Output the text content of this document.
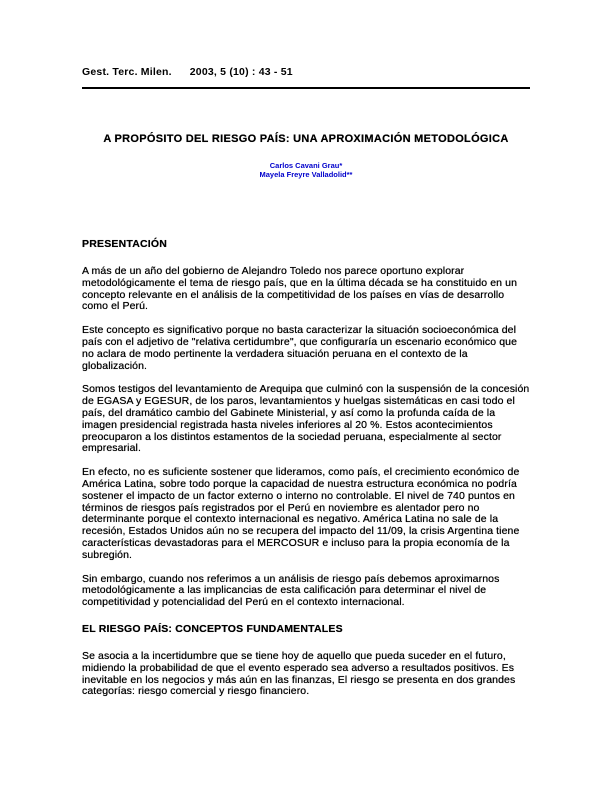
Gest. Terc. Milen. 2003, 5 (10) : 43 - 51
A PROPÓSITO DEL RIESGO PAÍS: UNA APROXIMACIÓN METODOLÓGICA
Carlos Cavani Grau*
Mayela Freyre Valladolid**
PRESENTACIÓN

A más de un año del gobierno de Alejandro Toledo nos parece oportuno explorar metodológicamente el tema de riesgo país, que en la última década se ha constituido en un concepto relevante en el análisis de la competitividad de los países en vías de desarrollo como el Perú.

Este concepto es significativo porque no basta caracterizar la situación socioeconómica del país con el adjetivo de "relativa certidumbre", que configuraría un escenario económico que no aclara de modo pertinente la verdadera situación peruana en el contexto de la globalización.

Somos testigos del levantamiento de Arequipa que culminó con la suspensión de la concesión de EGASA y EGESUR, de los paros, levantamientos y huelgas sistemáticas en casi todo el país, del dramático cambio del Gabinete Ministerial, y así como la profunda caída de la imagen presidencial registrada hasta niveles inferiores al 20 %. Estos acontecimientos preocuparon a los distintos estamentos de la sociedad peruana, especialmente al sector empresarial.

En efecto, no es suficiente sostener que lideramos, como país, el crecimiento económico de América Latina, sobre todo porque la capacidad de nuestra estructura económica no podría sostener el impacto de un factor externo o interno no controlable. El nivel de 740 puntos en términos de riesgos país registrados por el Perú en noviembre es alentador pero no determinante porque el contexto internacional es negativo. América Latina no sale de la recesión, Estados Unidos aún no se recupera del impacto del 11/09, la crisis Argentina tiene características devastadoras para el MERCOSUR e incluso para la propia economía de la subregión.

Sin embargo, cuando nos referimos a un análisis de riesgo país debemos aproximarnos metodológicamente a las implicancias de esta calificación para determinar el nivel de competitividad y potencialidad del Perú en el contexto internacional.

EL RIESGO PAÍS: CONCEPTOS FUNDAMENTALES

Se asocia a la incertidumbre que se tiene hoy de aquello que pueda suceder en el futuro, midiendo la probabilidad de que el evento esperado sea adverso a resultados positivos. Es inevitable en los negocios y más aún en las finanzas, El riesgo se presenta en dos grandes categorías: riesgo comercial y riesgo financiero.
